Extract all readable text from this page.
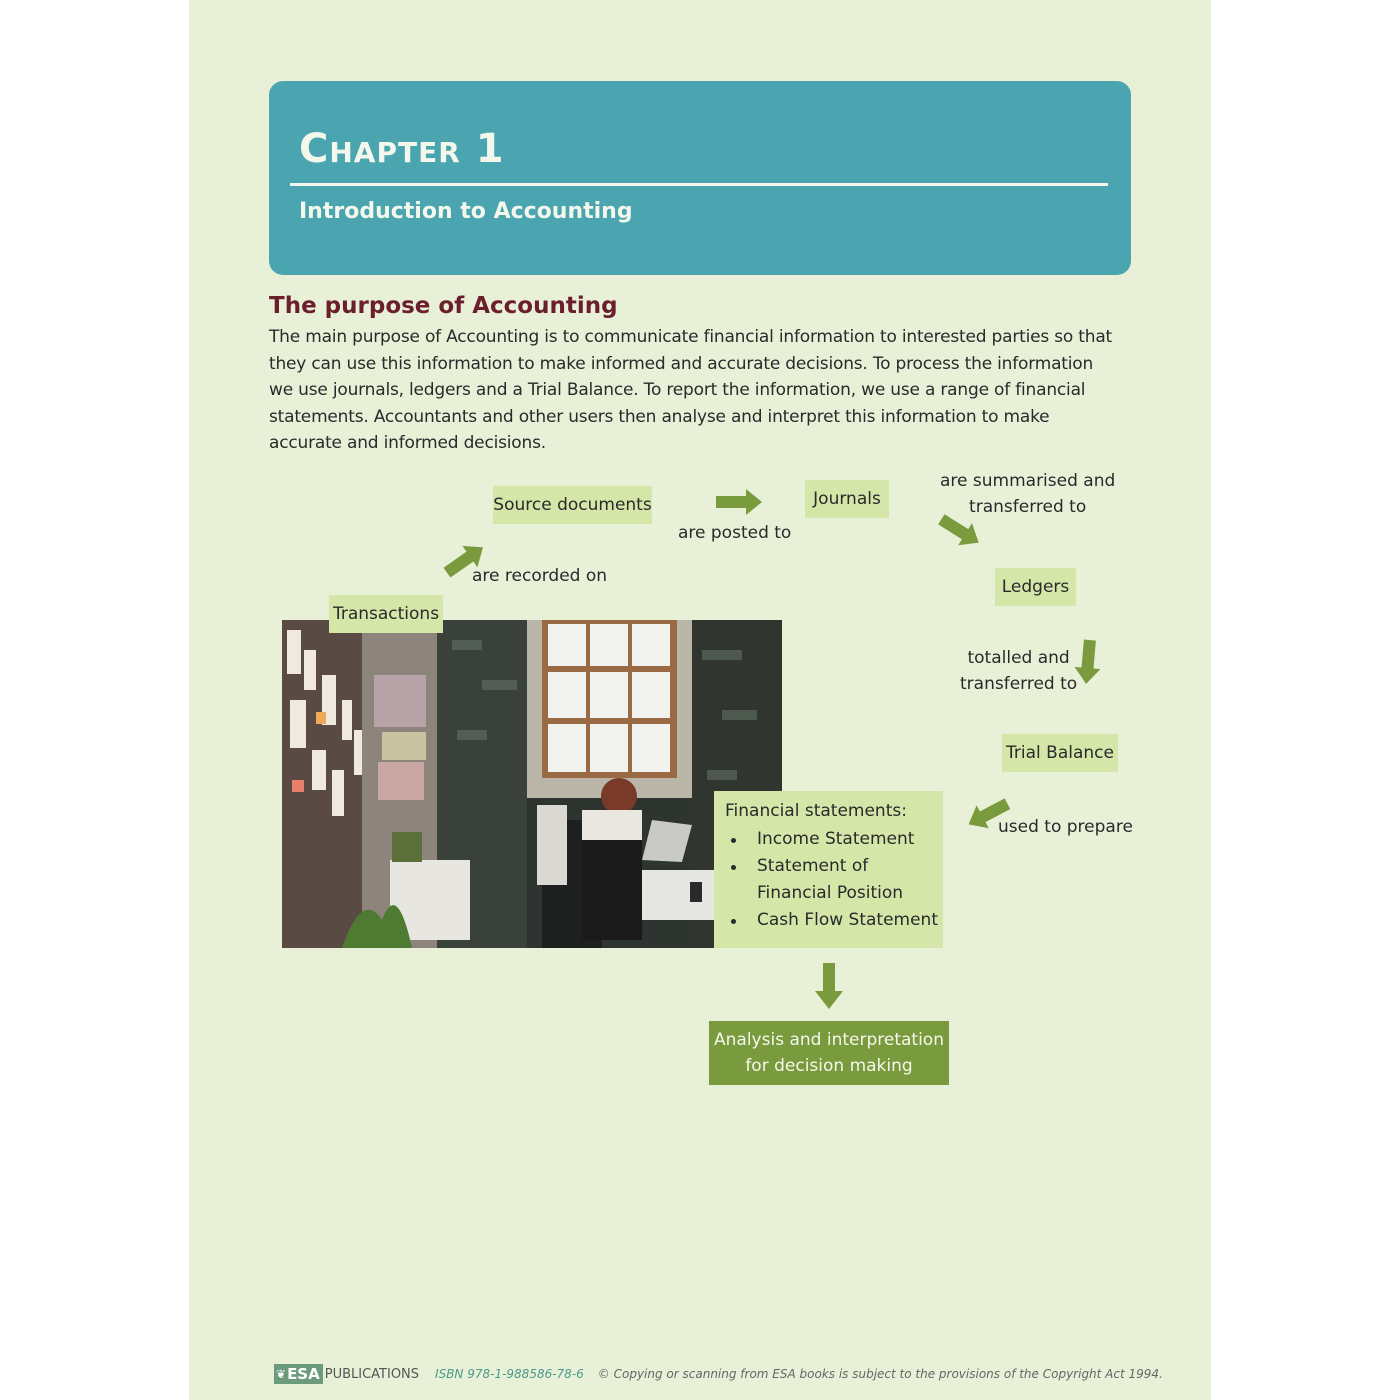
Chapter 1
Introduction to Accounting
The purpose of Accounting

The main purpose of Accounting is to communicate financial information to interested parties so that they can use this information to make informed and accurate decisions. To process the information we use journals, ledgers and a Trial Balance. To report the information, we use a range of financial statements. Accountants and other users then analyse and interpret this information to make accurate and informed decisions.

Transactions
are recorded on
Source documents
are posted to
Journals
are summarised and
transferred to
Ledgers
totalled and
transferred to
Trial Balance
used to prepare

Financial statements:

Income Statement
Statement of Financial Position
Cash Flow Statement
Analysis and interpretation
for decision making
❦ ESA PUBLICATIONS ISBN 978-1-988586-78-6 © Copying or scanning from ESA books is subject to the provisions of the Copyright Act 1994.
